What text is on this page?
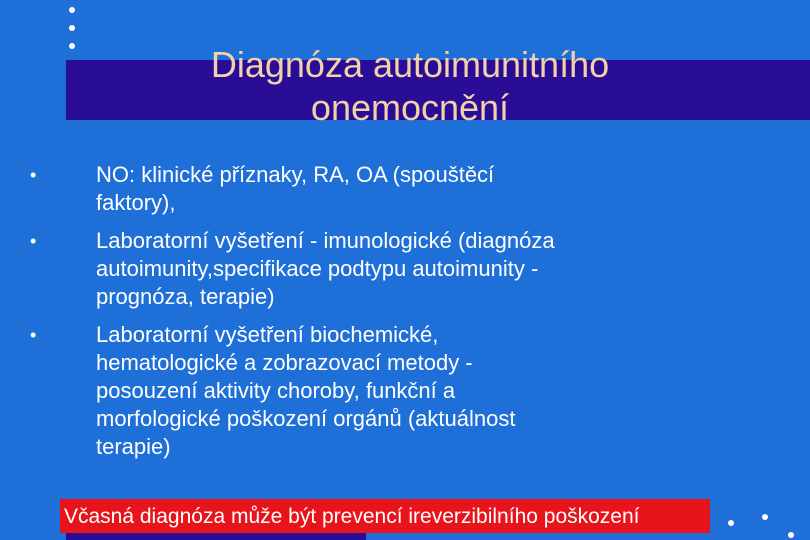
Diagnóza autoimunitního
onemocnění
•	NO: klinické příznaky, RA, OA (spouštěcí
faktory),
•	Laboratorní vyšetření - imunologické (diagnóza
autoimunity,specifikace podtypu autoimunity -
prognóza, terapie)
•	Laboratorní vyšetření biochemické,
hematologické a zobrazovací metody -
posouzení aktivity choroby, funkční a
morfologické poškození orgánů (aktuálnost
terapie)
Včasná diagnóza může být prevencí ireverzibilního poškození
